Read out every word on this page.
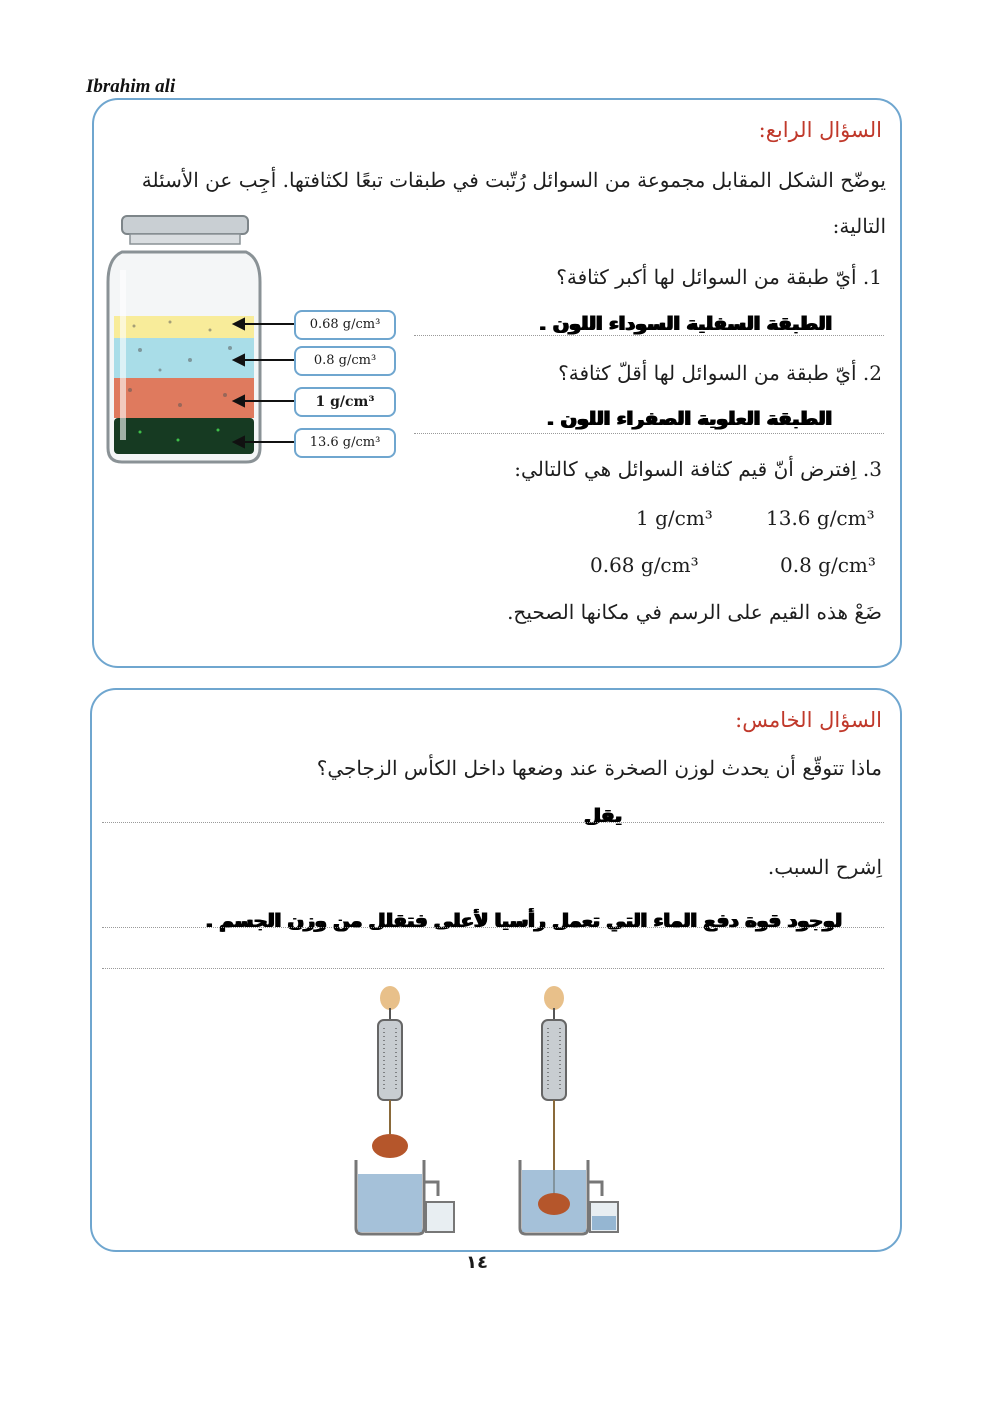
Ibrahim ali
السؤال الرابع:
يوضّح الشكل المقابل مجموعة من السوائل رُتّبت في طبقات تبعًا لكثافتها. أجِب عن الأسئلة
التالية:
1. أيّ طبقة من السوائل لها أكبر كثافة؟
الطبقة السفلية السوداء اللون .
2. أيّ طبقة من السوائل لها أقلّ كثافة؟
الطبقة العلوية الصفراء اللون .
3. اِفترض أنّ قيم كثافة السوائل هي كالتالي:
1 g/cm³	13.6 g/cm³
0.68 g/cm³	0.8 g/cm³
ضَعْ هذه القيم على الرسم في مكانها الصحيح.
0.68 g/cm³
0.8 g/cm³
1 g/cm³
13.6 g/cm³
السؤال الخامس:
ماذا تتوقّع أن يحدث لوزن الصخرة عند وضعها داخل الكأس الزجاجي؟
يقل
اِشرح السبب.
لوجود قوة دفع الماء التي تعمل رأسيا لأعلى فتقلل من وزن الجسم .
١٤
